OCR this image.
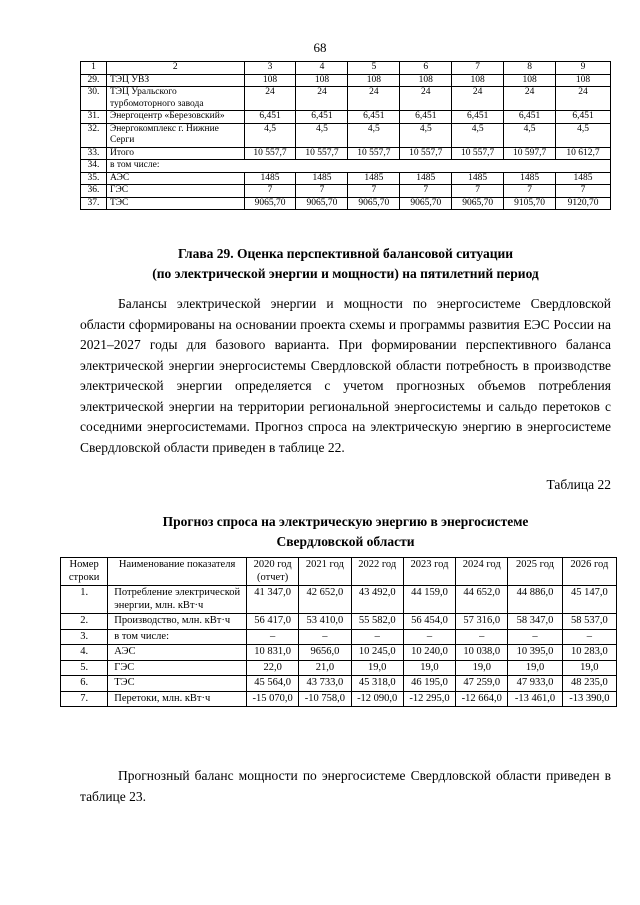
68
1	2	3	4	5	6	7	8	9
29.	ТЭЦ УВЗ	108	108	108	108	108	108	108
30.	ТЭЦ Уральского турбомоторного завода	24	24	24	24	24	24	24
31.	Энергоцентр «Березовский»	6,451	6,451	6,451	6,451	6,451	6,451	6,451
32.	Энергокомплекс г. Нижние Серги	4,5	4,5	4,5	4,5	4,5	4,5	4,5
33.	Итого	10 557,7	10 557,7	10 557,7	10 557,7	10 557,7	10 597,7	10 612,7
34.	в том числе:							
35.	АЭС	1485	1485	1485	1485	1485	1485	1485
36.	ГЭС	7	7	7	7	7	7	7
37.	ТЭС	9065,70	9065,70	9065,70	9065,70	9065,70	9105,70	9120,70
Глава 29. Оценка перспективной балансовой ситуации
(по электрической энергии и мощности) на пятилетний период
Балансы электрической энергии и мощности по энергосистеме Свердловской области сформированы на основании проекта схемы и программы развития ЕЭС России на 2021–2027 годы для базового варианта. При формировании перспективного баланса электрической энергии энергосистемы Свердловской области потребность в производстве электрической энергии определяется с учетом прогнозных объемов потребления электрической энергии на территории региональной энергосистемы и сальдо перетоков с соседними энергосистемами. Прогноз спроса на электрическую энергию в энергосистеме Свердловской области приведен в таблице 22.
Таблица 22
Прогноз спроса на электрическую энергию в энергосистеме
Свердловской области
Номер строки	Наименование показателя	2020 год (отчет)	2021 год	2022 год	2023 год	2024 год	2025 год	2026 год
1.	Потребление электрической энергии, млн. кВт·ч	41 347,0	42 652,0	43 492,0	44 159,0	44 652,0	44 886,0	45 147,0
2.	Производство, млн. кВт·ч	56 417,0	53 410,0	55 582,0	56 454,0	57 316,0	58 347,0	58 537,0
3.	в том числе:	–	–	–	–	–	–	–
4.	АЭС	10 831,0	9656,0	10 245,0	10 240,0	10 038,0	10 395,0	10 283,0
5.	ГЭС	22,0	21,0	19,0	19,0	19,0	19,0	19,0
6.	ТЭС	45 564,0	43 733,0	45 318,0	46 195,0	47 259,0	47 933,0	48 235,0
7.	Перетоки, млн. кВт·ч	-15 070,0	-10 758,0	-12 090,0	-12 295,0	-12 664,0	-13 461,0	-13 390,0
Прогнозный баланс мощности по энергосистеме Свердловской области приведен в таблице 23.
